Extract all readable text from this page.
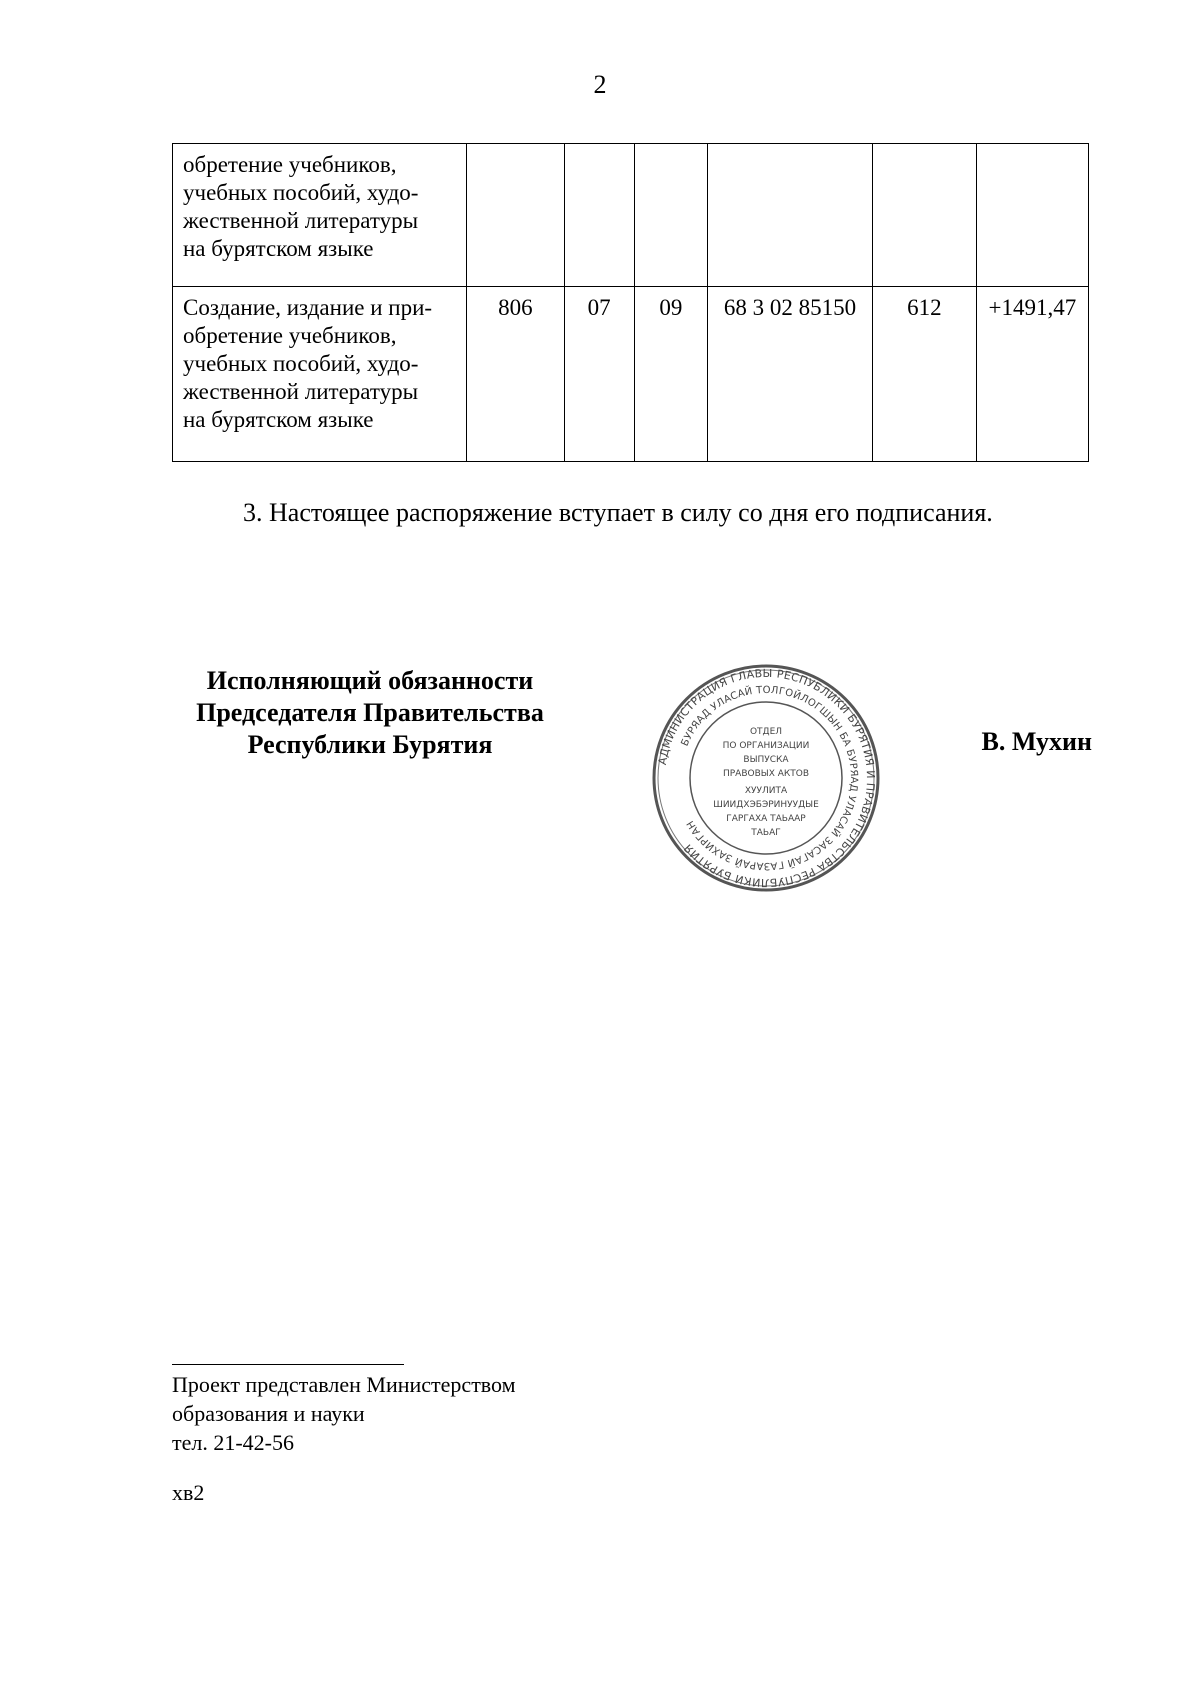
2
обретение учебников,
учебных пособий, худо-
жественной литературы
на бурятском языке						
Создание, издание и при-
обретение учебников,
учебных пособий, худо-
жественной литературы
на бурятском языке	806	07	09	68 3 02 85150	612	+1491,47
3. Настоящее распоряжение вступает в силу со дня его подписания.
Исполняющий обязанности
Председателя Правительства
Республики Бурятия
АДМИНИСТРАЦИЯ ГЛАВЫ РЕСПУБЛИКИ БУРЯТИЯ И ПРАВИТЕЛЬСТВА РЕСПУБЛИКИ БУРЯТИЯ
БУРЯАД УЛАСАЙ ТОЛГОЙЛОГШЫН БА БУРЯАД УЛАСАЙ ЗАСАГАЙ ГАЗАРАЙ ЗАХИРГАН
ОТДЕЛ
ПО ОРГАНИЗАЦИИ
ВЫПУСКА
ПРАВОВЫХ АКТОВ
ХУУЛИТА
ШИИДХЭБЭРИНУУДЫЕ
ГАРГАХА ТАЬААР
ТАЬАГ
В. Мухин
Проект представлен Министерством
образования и науки
тел. 21-42-56
хв2
